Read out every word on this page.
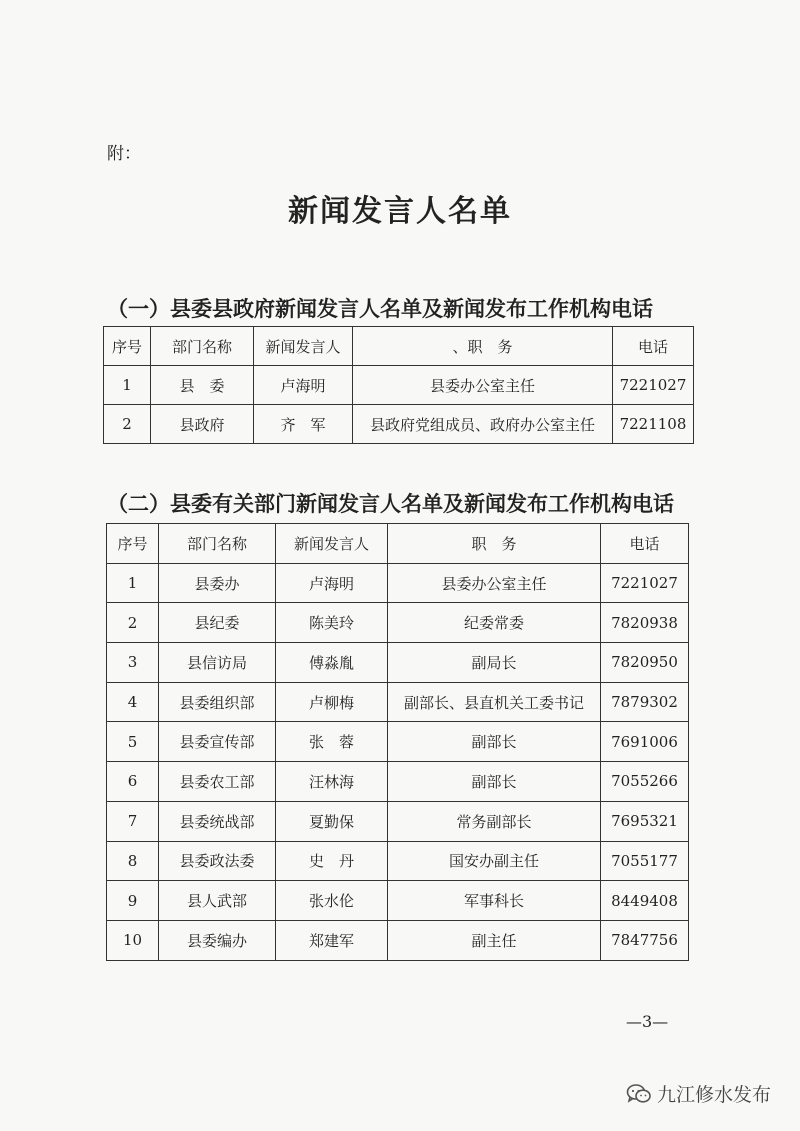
附：
新闻发言人名单
（一）县委县政府新闻发言人名单及新闻发布工作机构电话
序号	部门名称	新闻发言人	、职　务	电话
1	县　委	卢海明	县委办公室主任	7221027
2	县政府	齐　军	县政府党组成员、政府办公室主任	7221108
（二）县委有关部门新闻发言人名单及新闻发布工作机构电话
序号	部门名称	新闻发言人	职　务	电话
1	县委办	卢海明	县委办公室主任	7221027
2	县纪委	陈美玲	纪委常委	7820938
3	县信访局	傅淼胤	副局长	7820950
4	县委组织部	卢柳梅	副部长、县直机关工委书记	7879302
5	县委宣传部	张　蓉	副部长	7691006
6	县委农工部	汪林海	副部长	7055266
7	县委统战部	夏勤保	常务副部长	7695321
8	县委政法委	史　丹	国安办副主任	7055177
9	县人武部	张水伦	军事科长	8449408
10	县委编办	郑建军	副主任	7847756
—3—
九江修水发布
